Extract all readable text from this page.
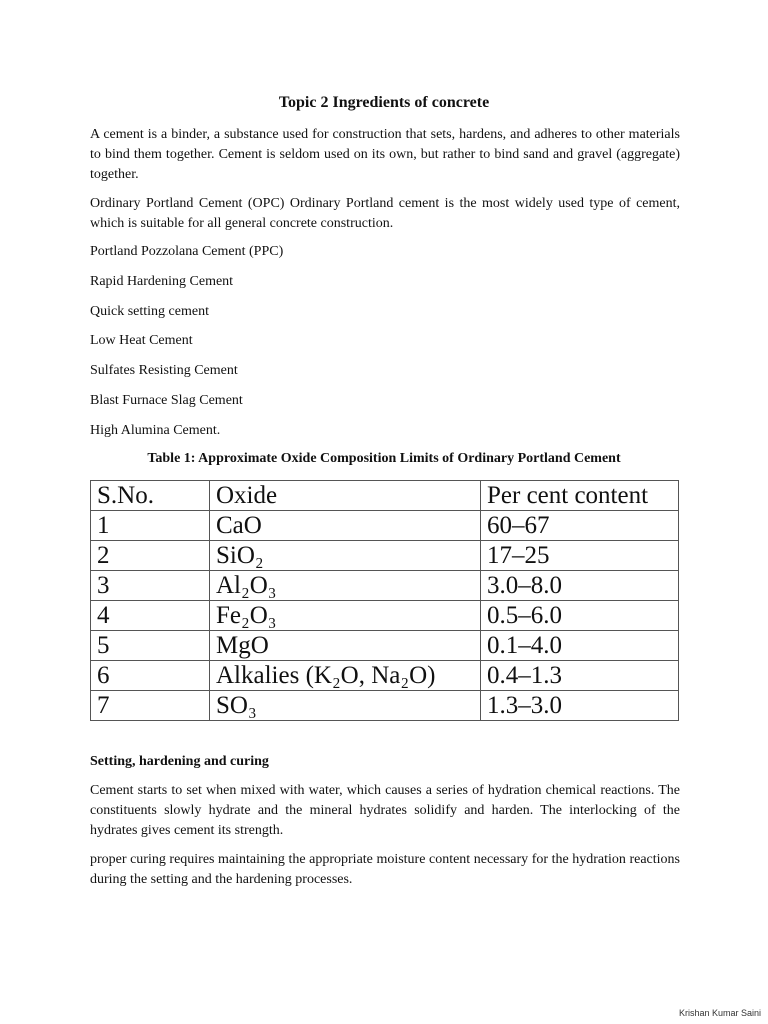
Topic 2 Ingredients of concrete

A cement is a binder, a substance used for construction that sets, hardens, and adheres to other materials to bind them together. Cement is seldom used on its own, but rather to bind sand and gravel (aggregate) together.

Ordinary Portland Cement (OPC) Ordinary Portland cement is the most widely used type of cement, which is suitable for all general concrete construction.

Portland Pozzolana Cement (PPC)

Rapid Hardening Cement

Quick setting cement

Low Heat Cement

Sulfates Resisting Cement

Blast Furnace Slag Cement

High Alumina Cement.

Table 1: Approximate Oxide Composition Limits of Ordinary Portland Cement
S.No.	Oxide	Per cent content
1	CaO	60–67
2	SiO₂	17–25
3	Al₂O₃	3.0–8.0
4	Fe₂O₃	0.5–6.0
5	MgO	0.1–4.0
6	Alkalies (K₂O, Na₂O)	0.4–1.3
7	SO₃	1.3–3.0
Setting, hardening and curing

Cement starts to set when mixed with water, which causes a series of hydration chemical reactions. The constituents slowly hydrate and the mineral hydrates solidify and harden. The interlocking of the hydrates gives cement its strength.

proper curing requires maintaining the appropriate moisture content necessary for the hydration reactions during the setting and the hardening processes.

Krishan Kumar Saini
